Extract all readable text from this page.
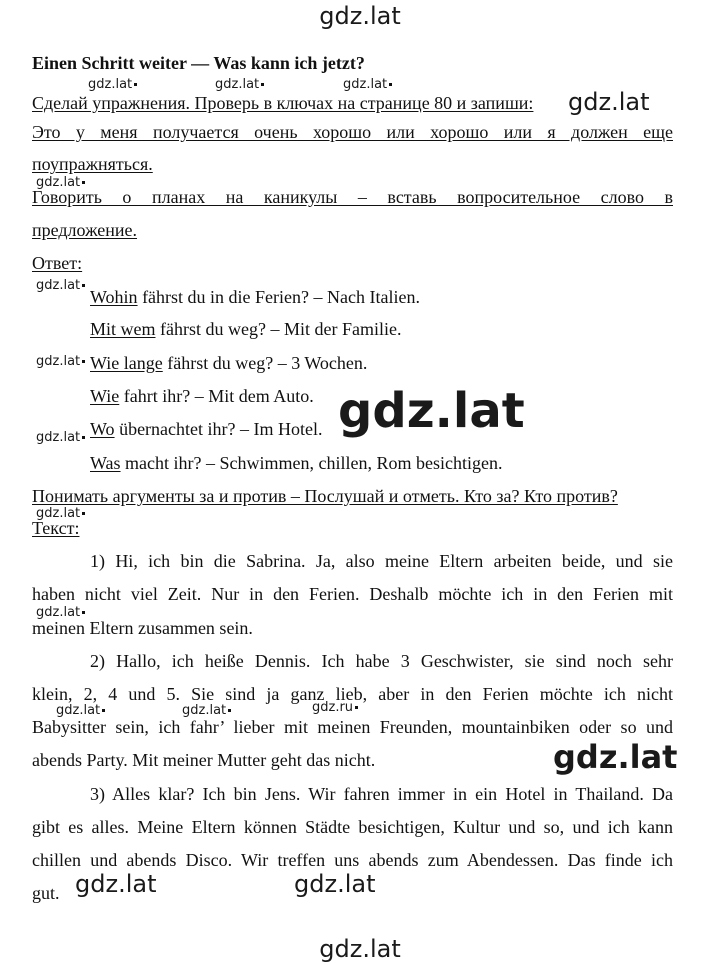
gdz.lat
Einen Schritt weiter — Was kann ich jetzt?
gdz.lat	gdz.lat	gdz.lat
Сделай упражнения. Проверь в ключах на странице 80 и запиши: gdz.lat
Это у меня получается очень хорошо или хорошо или я должен еще
поупражняться.
gdz.lat
Говорить о планах на каникулы – вставь вопросительное слово в
предложение.
Ответ:
gdz.lat
Wohin fährst du in die Ferien? – Nach Italien.
Mit wem fährst du weg? – Mit der Familie.
gdz.lat Wie lange fährst du weg? – 3 Wochen.
Wie fahrt ihr? – Mit dem Auto. gdz.lat
gdz.lat Wo übernachtet ihr? – Im Hotel.
Was macht ihr? – Schwimmen, chillen, Rom besichtigen.
Понимать аргументы за и против – Послушай и отметь. Кто за? Кто против?
gdz.lat
Текст:
1) Hi, ich bin die Sabrina. Ja, also meine Eltern arbeiten beide, und sie
haben nicht viel Zeit. Nur in den Ferien. Deshalb möchte ich in den Ferien mit
gdz.lat
meinen Eltern zusammen sein.
2) Hallo, ich heiße Dennis. Ich habe 3 Geschwister, sie sind noch sehr
klein, 2, 4 und 5. Sie sind ja ganz lieb, aber in den Ferien möchte ich nicht
gdz.lat	gdz.lat	gdz.ru
Babysitter sein, ich fahr’ lieber mit meinen Freunden, mountainbiken oder so und
abends Party. Mit meiner Mutter geht das nicht.	gdz.lat
3) Alles klar? Ich bin Jens. Wir fahren immer in ein Hotel in Thailand. Da
gibt es alles. Meine Eltern können Städte besichtigen, Kultur und so, und ich kann
chillen und abends Disco. Wir treffen uns abends zum Abendessen. Das finde ich
gut. gdz.lat	gdz.lat
gdz.lat
